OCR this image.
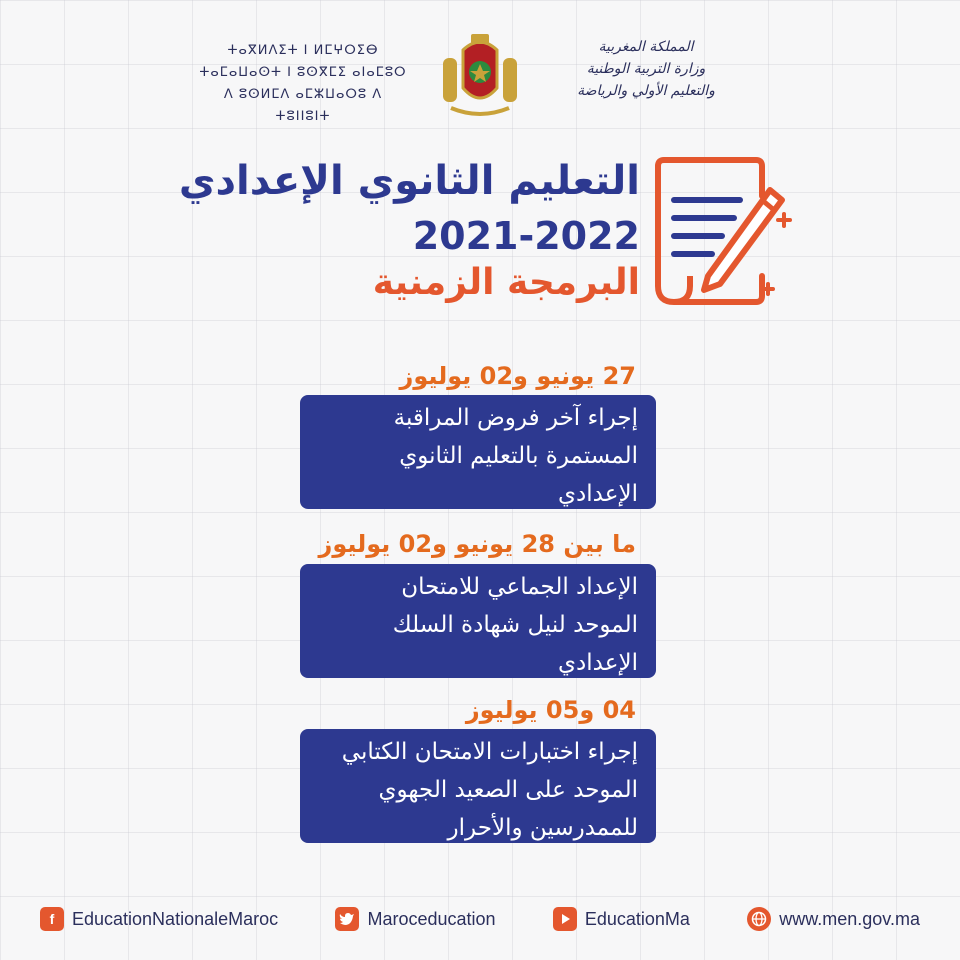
ⵜⴰⴳⵍⴷⵉⵜ ⵏ ⵍⵎⵖⵔⵉⴱ
ⵜⴰⵎⴰⵡⴰⵙⵜ ⵏ ⵓⵙⴳⵎⵉ ⴰⵏⴰⵎⵓⵔ
ⴷ ⵓⵙⵍⵎⴷ ⴰⵎⵣⵡⴰⵔⵓ ⴷ ⵜⵓⵏⵏⵓⵏⵜ
المملكة المغربية
وزارة التربية الوطنية
والتعليم الأولي والرياضة
التعليم الثانوي الإعدادي
2021-2022
البرمجة الزمنية
27 يونيو و02 يوليوز
إجراء آخر فروض المراقبة
المستمرة بالتعليم الثانوي
الإعدادي
ما بين 28 يونيو و02 يوليوز
الإعداد الجماعي للامتحان
الموحد لنيل شهادة السلك
الإعدادي
04 و05 يوليوز
إجراء اختبارات الامتحان الكتابي
الموحد على الصعيد الجهوي
للممدرسين والأحرار
f EducationNationaleMaroc	Maroceducation	EducationMa	www.men.gov.ma
